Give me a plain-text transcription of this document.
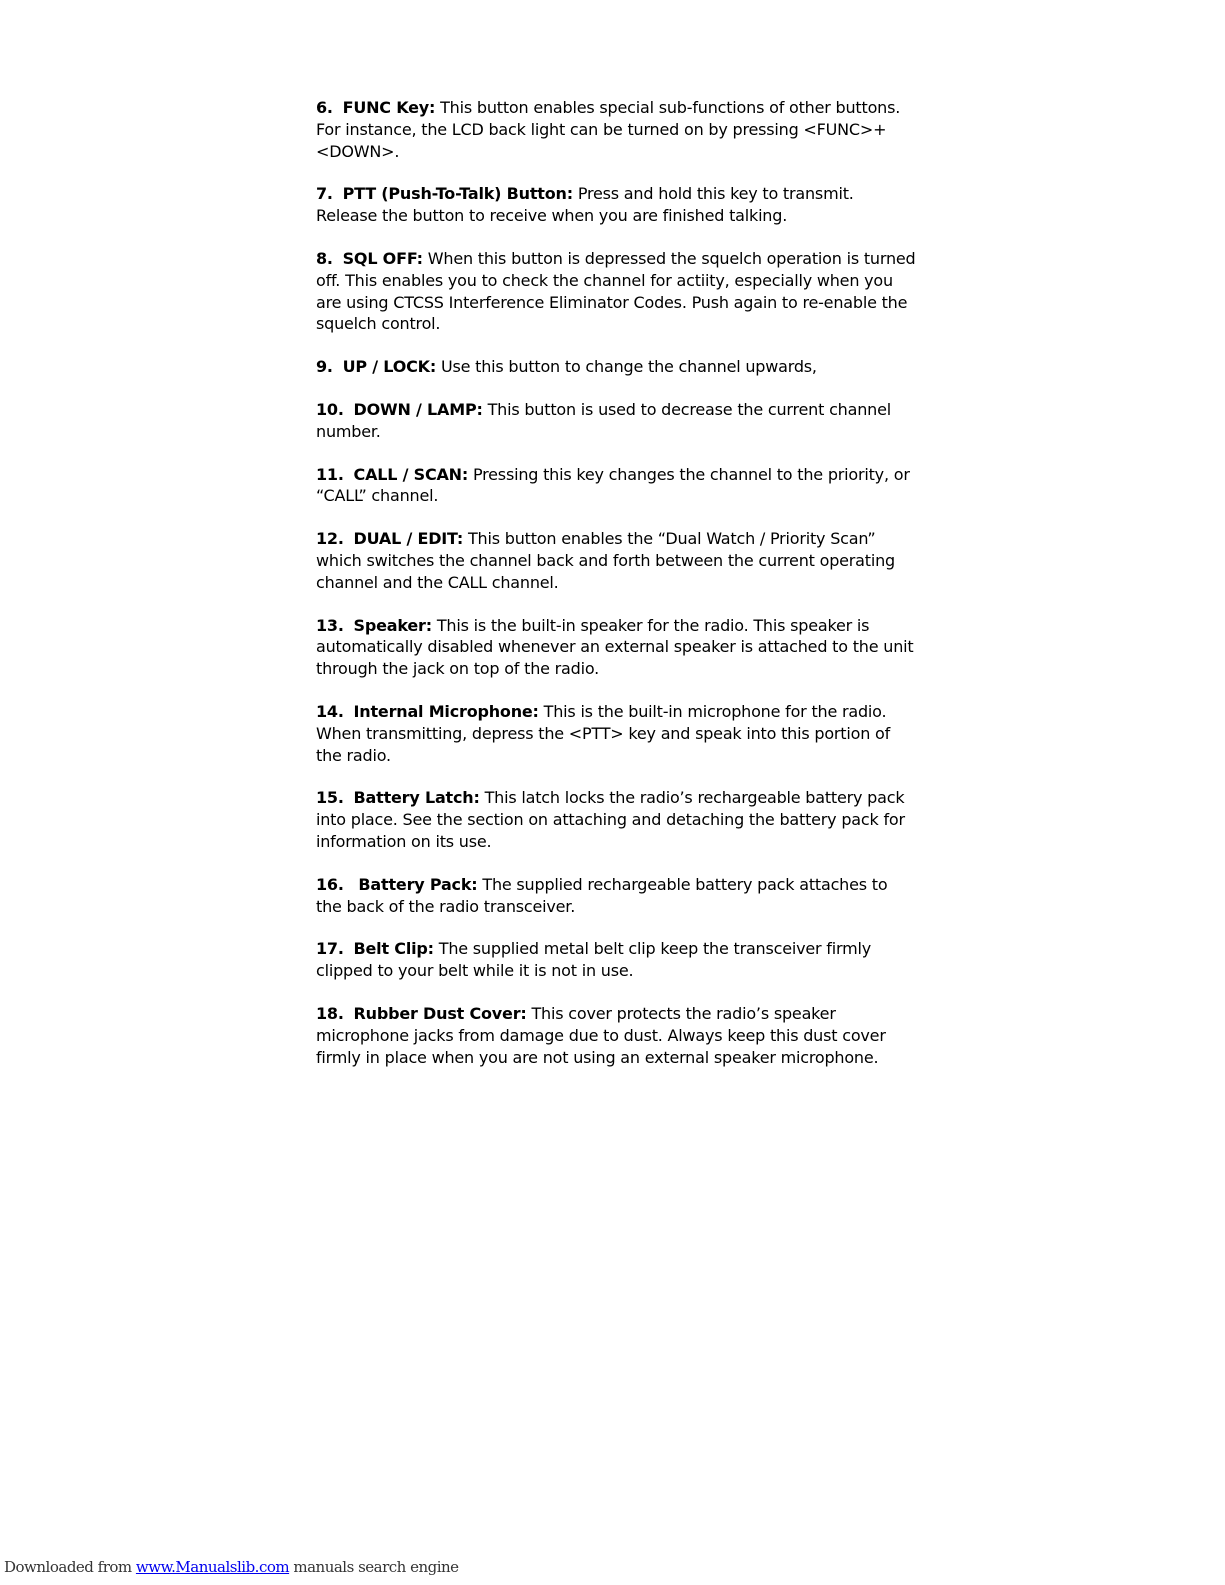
6. FUNC Key: This button enables special sub-functions of other buttons. For instance, the LCD back light can be turned on by pressing <FUNC>+<DOWN>.

7. PTT (Push-To-Talk) Button: Press and hold this key to transmit. Release the button to receive when you are finished talking.

8. SQL OFF: When this button is depressed the squelch operation is turned off. This enables you to check the channel for actiity, especially when you are using CTCSS Interference Eliminator Codes. Push again to re-enable the squelch control.

9. UP / LOCK: Use this button to change the channel upwards,

10. DOWN / LAMP: This button is used to decrease the current channel number.

11. CALL / SCAN: Pressing this key changes the channel to the priority, or “CALL” channel.

12. DUAL / EDIT: This button enables the “Dual Watch / Priority Scan” which switches the channel back and forth between the current operating channel and the CALL channel.

13. Speaker: This is the built-in speaker for the radio. This speaker is automatically disabled whenever an external speaker is attached to the unit through the jack on top of the radio.

14. Internal Microphone: This is the built-in microphone for the radio. When transmitting, depress the <PTT> key and speak into this portion of the radio.

15. Battery Latch: This latch locks the radio’s rechargeable battery pack into place. See the section on attaching and detaching the battery pack for information on its use.

16. Battery Pack: The supplied rechargeable battery pack attaches to the back of the radio transceiver.

17. Belt Clip: The supplied metal belt clip keep the transceiver firmly clipped to your belt while it is not in use.

18. Rubber Dust Cover: This cover protects the radio’s speaker microphone jacks from damage due to dust. Always keep this dust cover firmly in place when you are not using an external speaker microphone.

Downloaded from www.Manualslib.com manuals search engine
